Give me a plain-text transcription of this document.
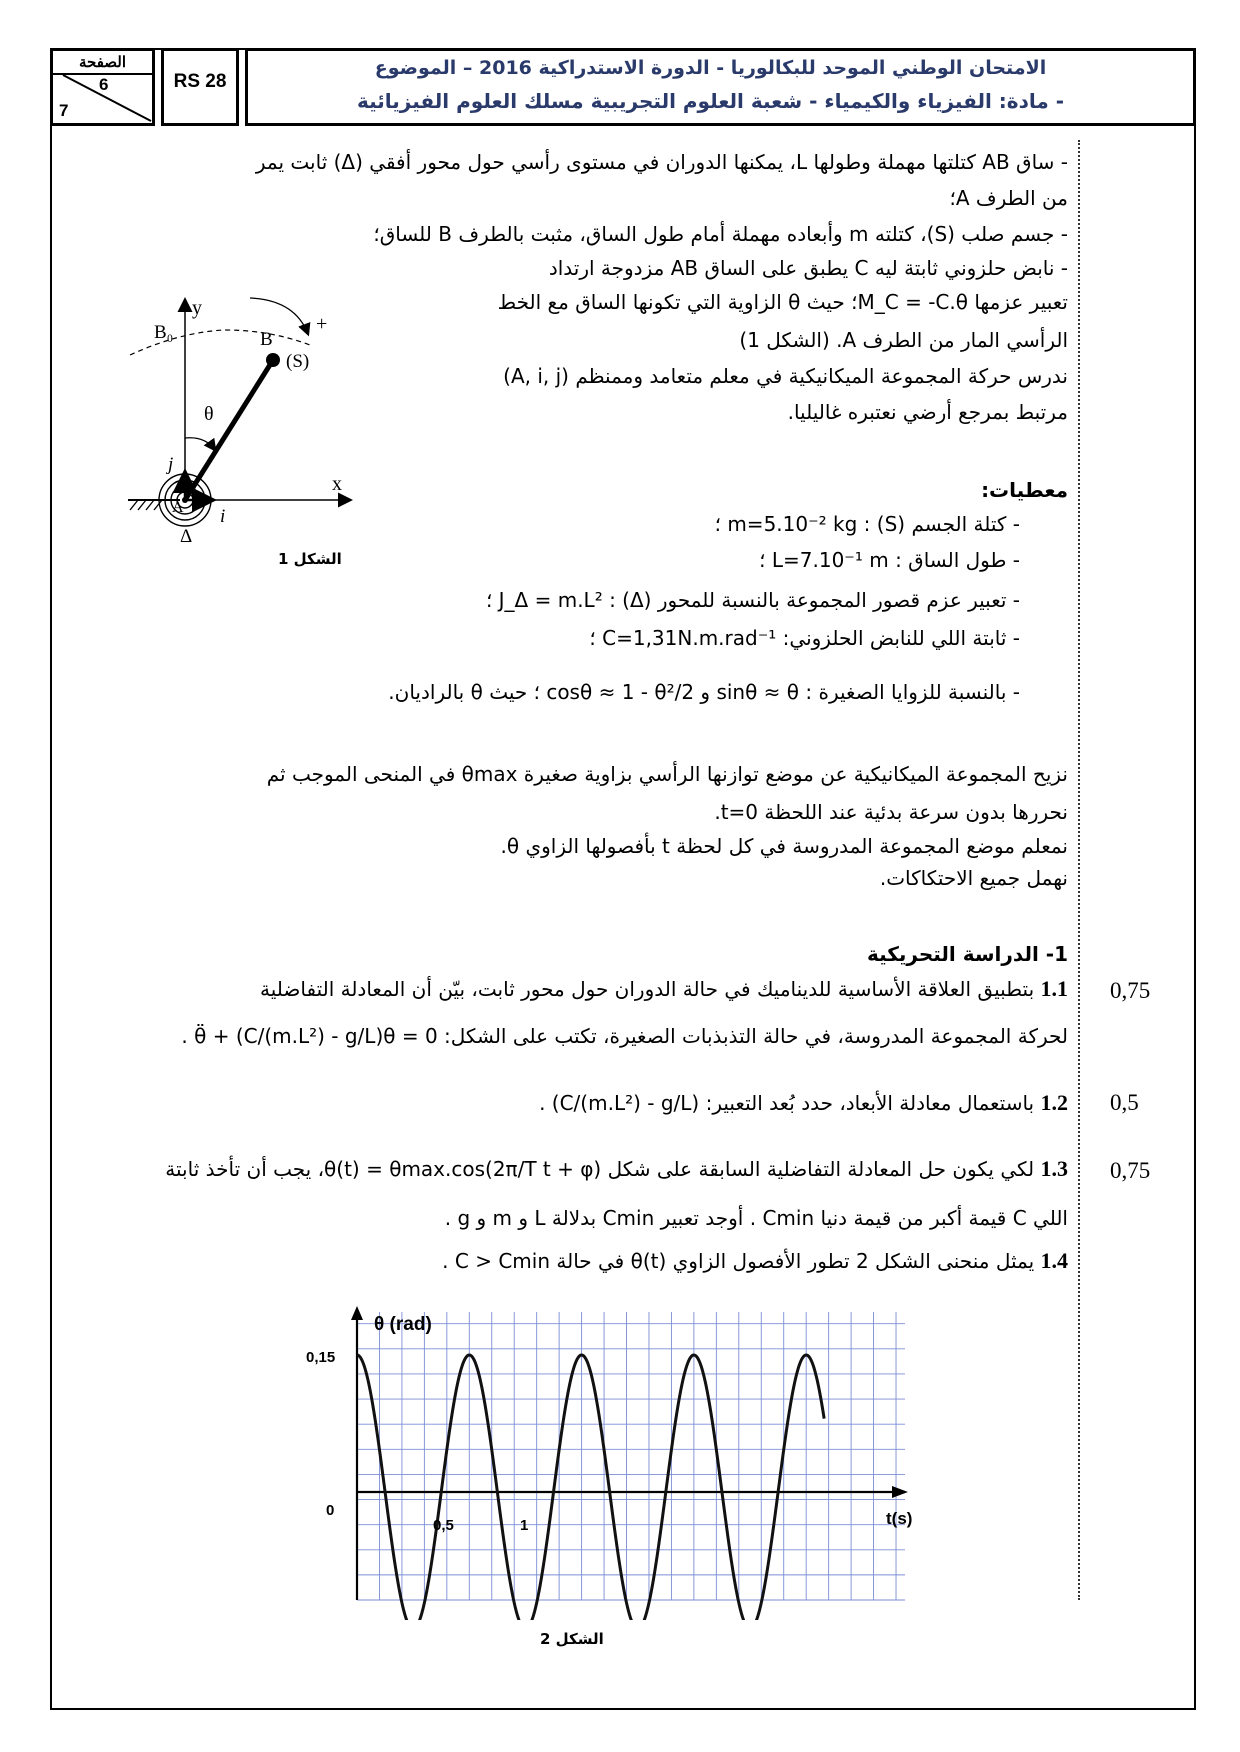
الصفحة
6
7
RS 28
الامتحان الوطني الموحد للبكالوريا - الدورة الاستدراكية 2016 – الموضوع
- مادة: الفيزياء والكيمياء - شعبة العلوم التجريبية مسلك العلوم الفيزيائية
- ساق AB كتلتها مهملة وطولها L، يمكنها الدوران في مستوى رأسي حول محور أفقي (Δ) ثابت يمر
من الطرف A؛
- جسم صلب (S)، كتلته m وأبعاده مهملة أمام طول الساق، مثبت بالطرف B للساق؛
- نابض حلزوني ثابتة ليه C يطبق على الساق AB مزدوجة ارتداد
تعبير عزمها M_C = -C.θ؛ حيث θ الزاوية التي تكونها الساق مع الخط
الرأسي المار من الطرف A. (الشكل 1)
ندرس حركة المجموعة الميكانيكية في معلم متعامد وممنظم (A, i, j)
مرتبط بمرجع أرضي نعتبره غاليليا.
y
x
B₀	B
(S)
θ
+
i
j
A
Δ
الشكل 1
معطيات:
- كتلة الجسم (S) : m=5.10⁻² kg ؛
- طول الساق : L=7.10⁻¹ m ؛
- تعبير عزم قصور المجموعة بالنسبة للمحور (Δ) : J_Δ = m.L² ؛
- ثابتة اللي للنابض الحلزوني: C=1,31N.m.rad⁻¹ ؛
- بالنسبة للزوايا الصغيرة : sinθ ≈ θ و cosθ ≈ 1 - θ²/2 ؛ حيث θ بالراديان.
نزيح المجموعة الميكانيكية عن موضع توازنها الرأسي بزاوية صغيرة θmax في المنحى الموجب ثم
نحررها بدون سرعة بدئية عند اللحظة t=0.
نمعلم موضع المجموعة المدروسة في كل لحظة t بأفصولها الزاوي θ.
نهمل جميع الاحتكاكات.
1- الدراسة التحريكية
1.1 بتطبيق العلاقة الأساسية للديناميك في حالة الدوران حول محور ثابت، بيّن أن المعادلة التفاضلية	0,75
لحركة المجموعة المدروسة، في حالة التذبذبات الصغيرة، تكتب على الشكل: θ̈ + (C/(m.L²) - g/L)θ = 0 .
1.2 باستعمال معادلة الأبعاد، حدد بُعد التعبير: (C/(m.L²) - g/L) .	0,5
1.3 لكي يكون حل المعادلة التفاضلية السابقة على شكل θ(t) = θmax.cos(2π/T t + φ)، يجب أن تأخذ ثابتة	0,75
اللي C قيمة أكبر من قيمة دنيا Cmin . أوجد تعبير Cmin بدلالة L و m و g .
1.4 يمثل منحنى الشكل 2 تطور الأفصول الزاوي θ(t) في حالة C > Cmin .
θ (rad)
t(s)
0,15
0
0,5	1
الشكل 2
